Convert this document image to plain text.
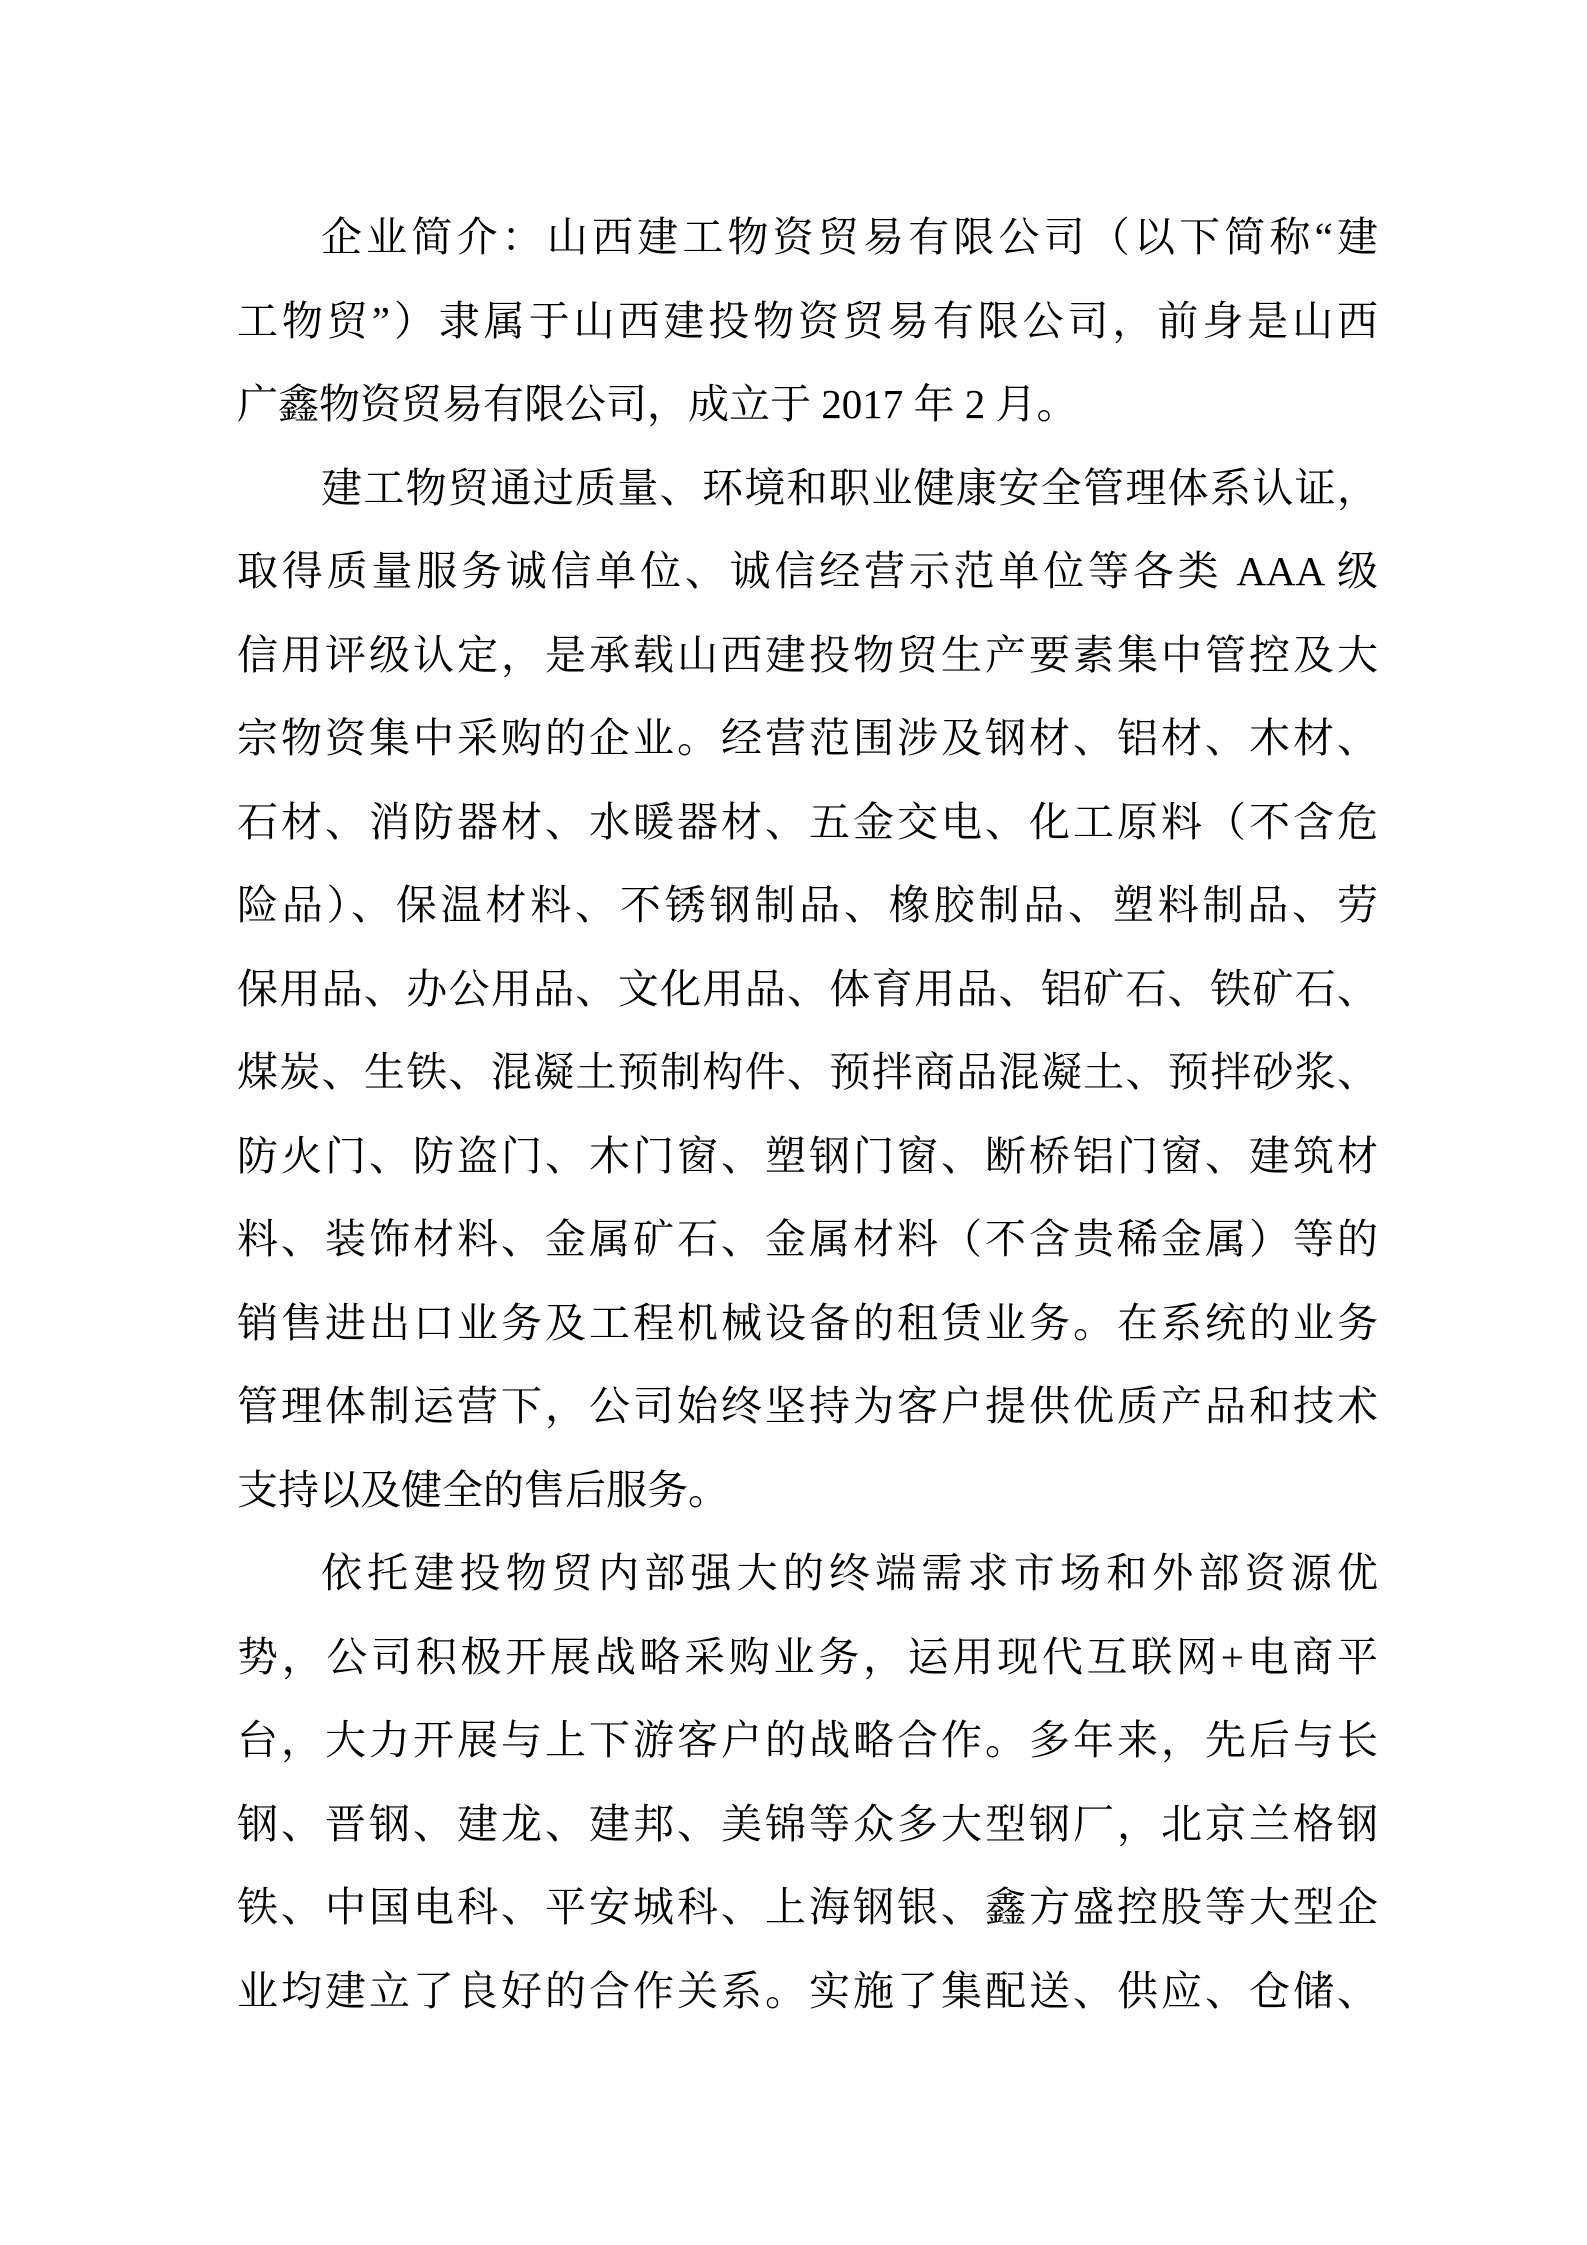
企业简介：山西建工物资贸易有限公司（以下简称“建
工物贸”）隶属于山西建投物资贸易有限公司，前身是山西
广鑫物资贸易有限公司，成立于 2017 年 2 月。
建工物贸通过质量、环境和职业健康安全管理体系认证，
取得质量服务诚信单位、诚信经营示范单位等各类 AAA 级
信用评级认定，是承载山西建投物贸生产要素集中管控及大
宗物资集中采购的企业。经营范围涉及钢材、铝材、木材、
石材、消防器材、水暖器材、五金交电、化工原料（不含危
险品）、保温材料、不锈钢制品、橡胶制品、塑料制品、劳
保用品、办公用品、文化用品、体育用品、铝矿石、铁矿石、
煤炭、生铁、混凝土预制构件、预拌商品混凝土、预拌砂浆、
防火门、防盗门、木门窗、塑钢门窗、断桥铝门窗、建筑材
料、装饰材料、金属矿石、金属材料（不含贵稀金属）等的
销售进出口业务及工程机械设备的租赁业务。在系统的业务
管理体制运营下，公司始终坚持为客户提供优质产品和技术
支持以及健全的售后服务。
依托建投物贸内部强大的终端需求市场和外部资源优
势，公司积极开展战略采购业务，运用现代互联网+电商平
台，大力开展与上下游客户的战略合作。多年来，先后与长
钢、晋钢、建龙、建邦、美锦等众多大型钢厂，北京兰格钢
铁、中国电科、平安城科、上海钢银、鑫方盛控股等大型企
业均建立了良好的合作关系。实施了集配送、供应、仓储、
